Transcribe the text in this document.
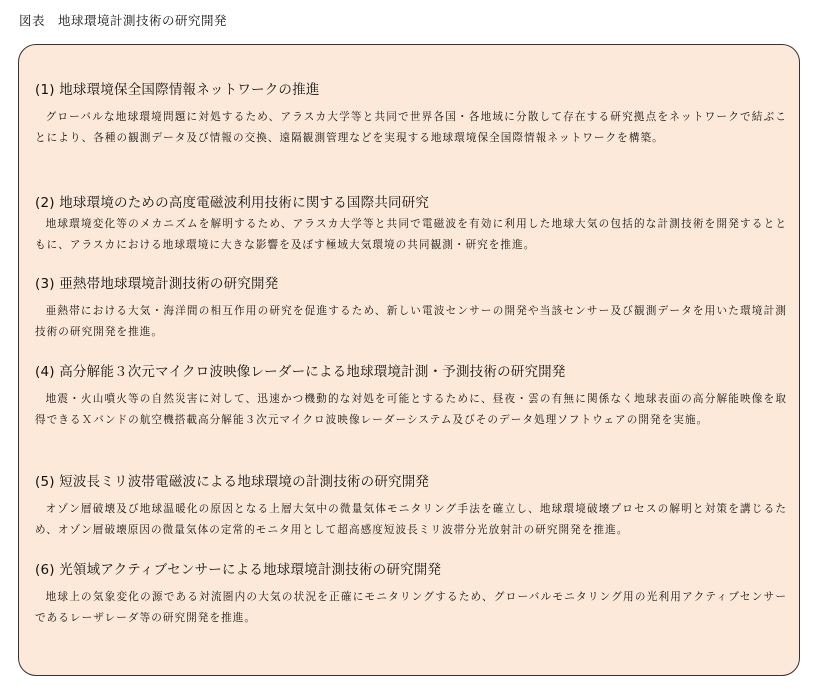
図表　地球環境計測技術の研究開発
(1) 地球環境保全国際情報ネットワークの推進
グローバルな地球環境問題に対処するため、アラスカ大学等と共同で世界各国・各地域に分散して存在する研究拠点をネットワークで結ぶことにより、各種の観測データ及び情報の交換、遠隔観測管理などを実現する地球環境保全国際情報ネットワークを構築。
(2) 地球環境のための高度電磁波利用技術に関する国際共同研究
地球環境変化等のメカニズムを解明するため、アラスカ大学等と共同で電磁波を有効に利用した地球大気の包括的な計測技術を開発するとともに、アラスカにおける地球環境に大きな影響を及ぼす極域大気環境の共同観測・研究を推進。
(3) 亜熱帯地球環境計測技術の研究開発
亜熱帯における大気・海洋間の相互作用の研究を促進するため、新しい電波センサーの開発や当該センサー及び観測データを用いた環境計測技術の研究開発を推進。
(4) 高分解能３次元マイクロ波映像レーダーによる地球環境計測・予測技術の研究開発
地震・火山噴火等の自然災害に対して、迅速かつ機動的な対処を可能とするために、昼夜・雲の有無に関係なく地球表面の高分解能映像を取得できるＸバンドの航空機搭載高分解能３次元マイクロ波映像レーダーシステム及びそのデータ処理ソフトウェアの開発を実施。
(5) 短波長ミリ波帯電磁波による地球環境の計測技術の研究開発
オゾン層破壊及び地球温暖化の原因となる上層大気中の微量気体モニタリング手法を確立し、地球環境破壊プロセスの解明と対策を講じるため、オゾン層破壊原因の微量気体の定常的モニタ用として超高感度短波長ミリ波帯分光放射計の研究開発を推進。
(6) 光領域アクティブセンサーによる地球環境計測技術の研究開発
地球上の気象変化の源である対流圏内の大気の状況を正確にモニタリングするため、グローバルモニタリング用の光利用アクティブセンサーであるレーザレーダ等の研究開発を推進。
